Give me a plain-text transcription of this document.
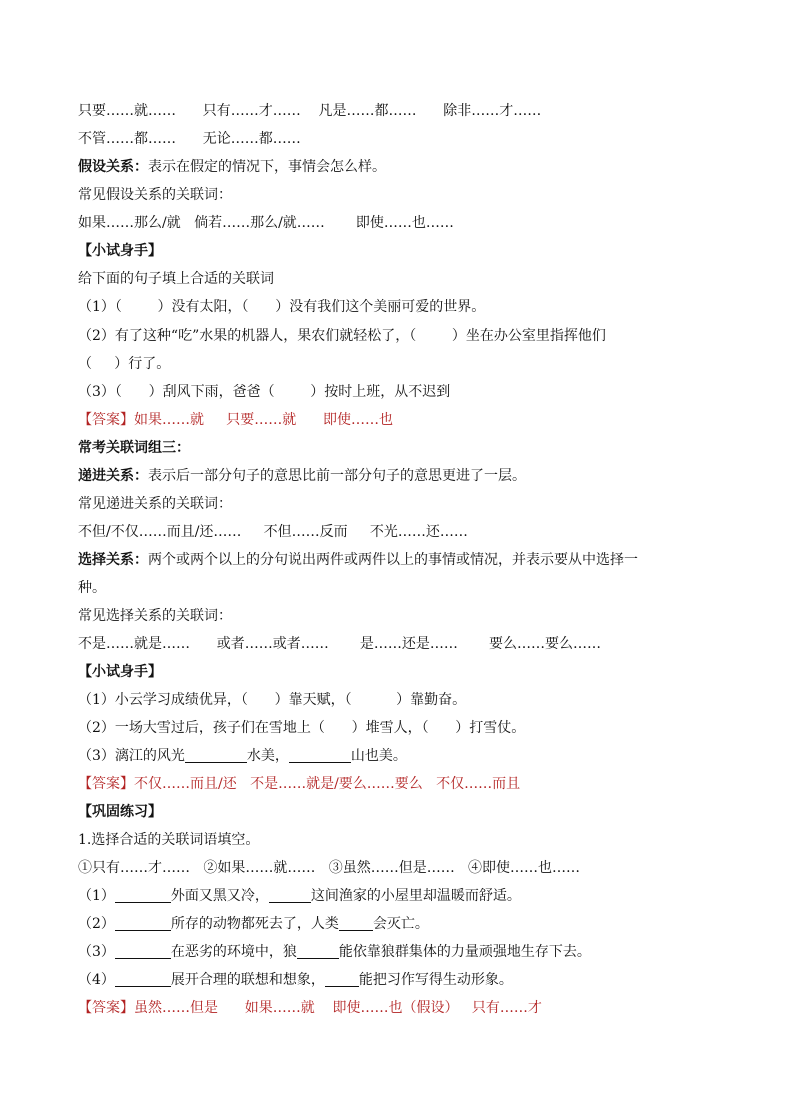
只要……就……      只有……才……    凡是……都……      除非……才……
不管……都……      无论……都……
假设关系：表示在假定的情况下，事情会怎么样。
常见假设关系的关联词：
如果……那么/就   倘若……那么/就……       即使……也……
【小试身手】
给下面的句子填上合适的关联词
（1）（        ）没有太阳，（      ）没有我们这个美丽可爱的世界。
（2）有了这种“吃”水果的机器人，果农们就轻松了，（        ）坐在办公室里指挥他们
（     ）行了。
（3）（      ）刮风下雨，爸爸（        ）按时上班，从不迟到
【答案】如果……就     只要……就      即使……也
常考关联词组三：
递进关系：表示后一部分句子的意思比前一部分句子的意思更进了一层。
常见递进关系的关联词：
不但/不仅……而且/还……     不但……反而     不光……还……
选择关系：两个或两个以上的分句说出两件或两件以上的事情或情况，并表示要从中选择一
种。
常见选择关系的关联词：
不是……就是……      或者……或者……       是……还是……       要么……要么……
【小试身手】
（1）小云学习成绩优异，（      ）靠天赋，（          ）靠勤奋。
（2）一场大雪过后，孩子们在雪地上（      ）堆雪人，（      ）打雪仗。
（3）漓江的风光	水美，	山也美。
【答案】不仅……而且/还   不是……就是/要么……要么   不仅……而且
【巩固练习】
1.选择合适的关联词语填空。
①只有……才……   ②如果……就……   ③虽然……但是……   ④即使……也……
（1）	外面又黑又冷，	这间渔家的小屋里却温暖而舒适。
（2）	所存的动物都死去了，人类 会灭亡。
（3）	在恶劣的环境中，狼	能依靠狼群集体的力量顽强地生存下去。
（4）	展开合理的联想和想象， 能把习作写得生动形象。
【答案】虽然……但是      如果……就    即使……也（假设）   只有……才
